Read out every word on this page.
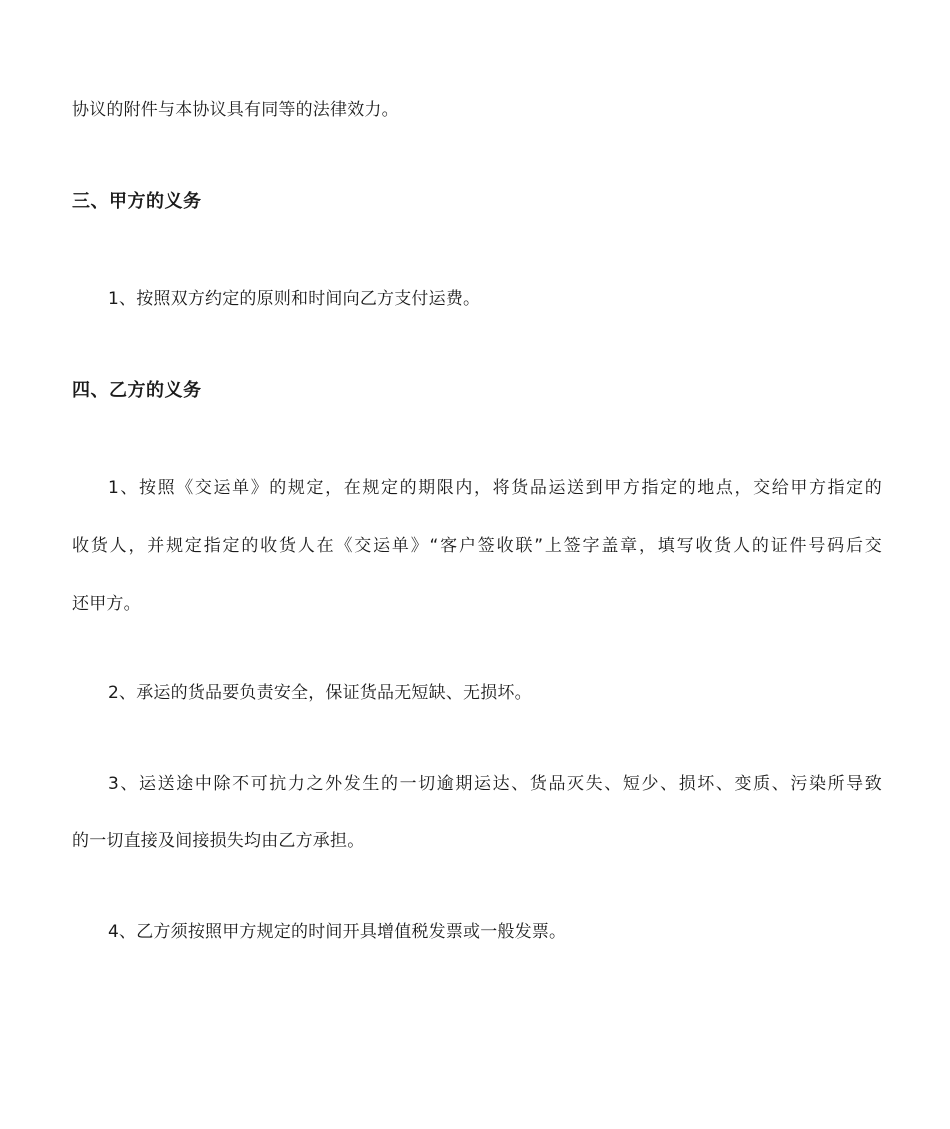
协议的附件与本协议具有同等的法律效力。
三、甲方的义务
1、按照双方约定的原则和时间向乙方支付运费。
四、乙方的义务
1、按照《交运单》的规定，在规定的期限内，将货品运送到甲方指定的地点，交给甲方指定的
收货人，并规定指定的收货人在《交运单》“客户签收联”上签字盖章，填写收货人的证件号码后交
还甲方。
2、承运的货品要负责安全，保证货品无短缺、无损坏。
3、运送途中除不可抗力之外发生的一切逾期运达、货品灭失、短少、损坏、变质、污染所导致
的一切直接及间接损失均由乙方承担。
4、乙方须按照甲方规定的时间开具增值税发票或一般发票。
